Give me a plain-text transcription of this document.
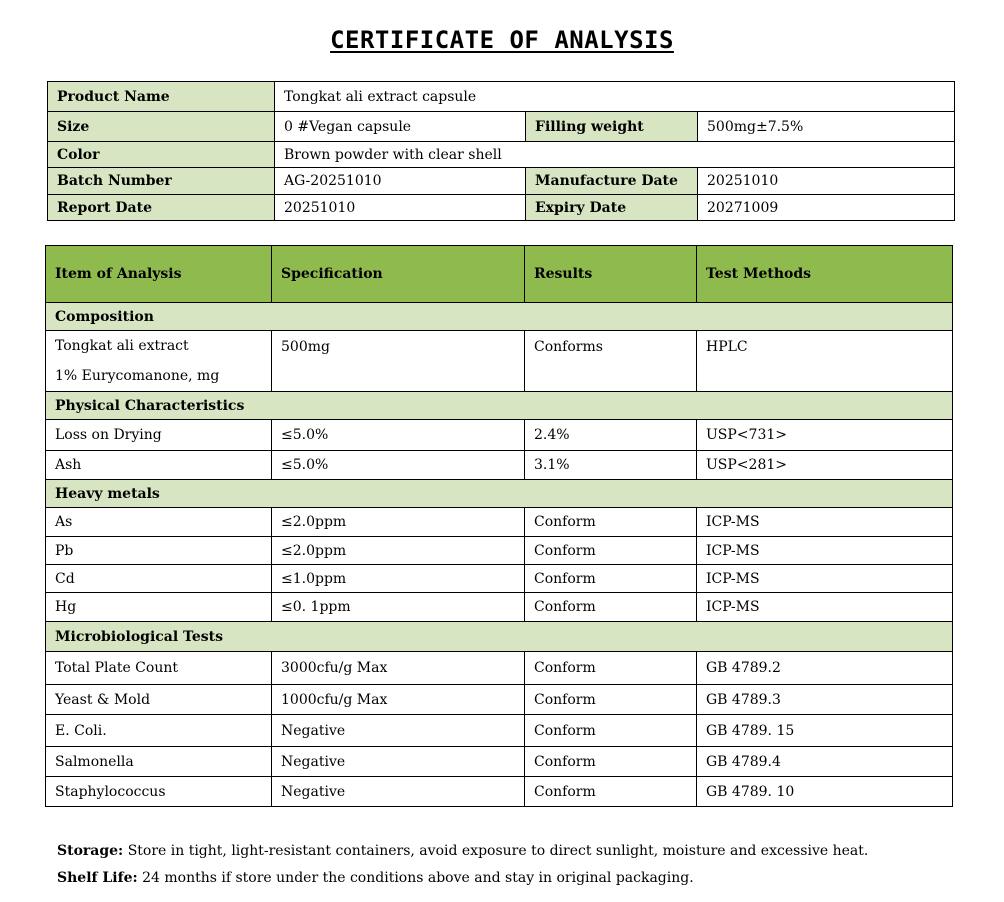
CERTIFICATE OF ANALYSIS
Product Name	Tongkat ali extract capsule		
Size	0 #Vegan capsule	Filling weight	500mg±7.5%
Color	Brown powder with clear shell		
Batch Number	AG-20251010	Manufacture Date	20251010
Report Date	20251010	Expiry Date	20271009
Item of Analysis	Specification	Results	Test Methods
Composition			

Tongkat ali extract
1% Eurycomanone, mg	500mg	Conforms	HPLC
Physical Characteristics			
Loss on Drying	≤5.0%	2.4%	USP<731>
Ash	≤5.0%	3.1%	USP<281>
Heavy metals			
As	≤2.0ppm	Conform	ICP-MS
Pb	≤2.0ppm	Conform	ICP-MS
Cd	≤1.0ppm	Conform	ICP-MS
Hg	≤0. 1ppm	Conform	ICP-MS
Microbiological Tests			
Total Plate Count	3000cfu/g Max	Conform	GB 4789.2
Yeast & Mold	1000cfu/g Max	Conform	GB 4789.3
E. Coli.	Negative	Conform	GB 4789. 15
Salmonella	Negative	Conform	GB 4789.4
Staphylococcus	Negative	Conform	GB 4789. 10
Storage: Store in tight, light-resistant containers, avoid exposure to direct sunlight, moisture and excessive heat.
Shelf Life: 24 months if store under the conditions above and stay in original packaging.
